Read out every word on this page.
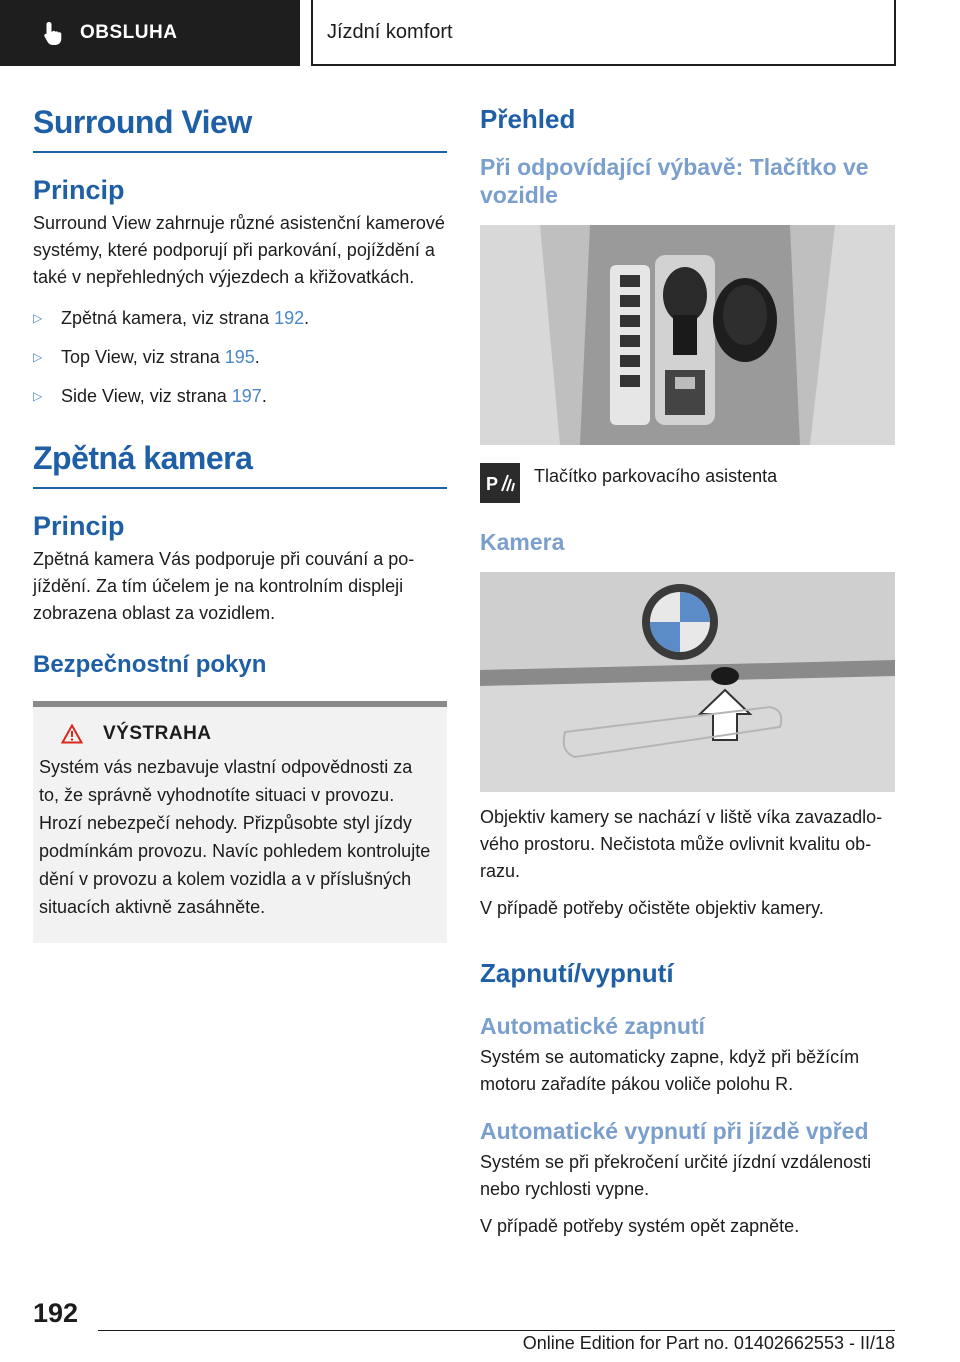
OBSLUHA	Jízdní komfort
Surround View
Princip

Surround View zahrnuje různé asistenční kamerové systémy, které podporují při parkování, pojíždění a také v nepřehledných výjezdech a křižovatkách.

▷ Zpětná kamera, viz strana 192.
▷ Top View, viz strana 195.
▷ Side View, viz strana 197.
Zpětná kamera
Princip

Zpětná kamera Vás podporuje při couvání a pojíždění. Za tím účelem je na kontrolním displeji zobrazena oblast za vozidlem.

Bezpečnostní pokyn
VÝSTRAHA

Systém vás nezbavuje vlastní odpovědnosti za to, že správně vyhodnotíte situaci v provozu. Hrozí nebezpečí nehody. Přizpůsobte styl jízdy podmínkám provozu. Navíc pohledem kontrolujte dění v provozu a kolem vozidla a v příslušných situacích aktivně zasáhněte.

Přehled
Při odpovídající výbavě: Tlačítko ve vozidle
P Tlačítko parkovacího asistenta

Kamera

Objektiv kamery se nachází v liště víka zavazadlového prostoru. Nečistota může ovlivnit kvalitu obrazu.

V případě potřeby očistěte objektiv kamery.

Zapnutí/vypnutí
Automatické zapnutí

Systém se automaticky zapne, když při běžícím motoru zařadíte pákou voliče polohu R.

Automatické vypnutí při jízdě vpřed

Systém se při překročení určité jízdní vzdálenosti nebo rychlosti vypne.

V případě potřeby systém opět zapněte.

192
Online Edition for Part no. 01402662553 - II/18
